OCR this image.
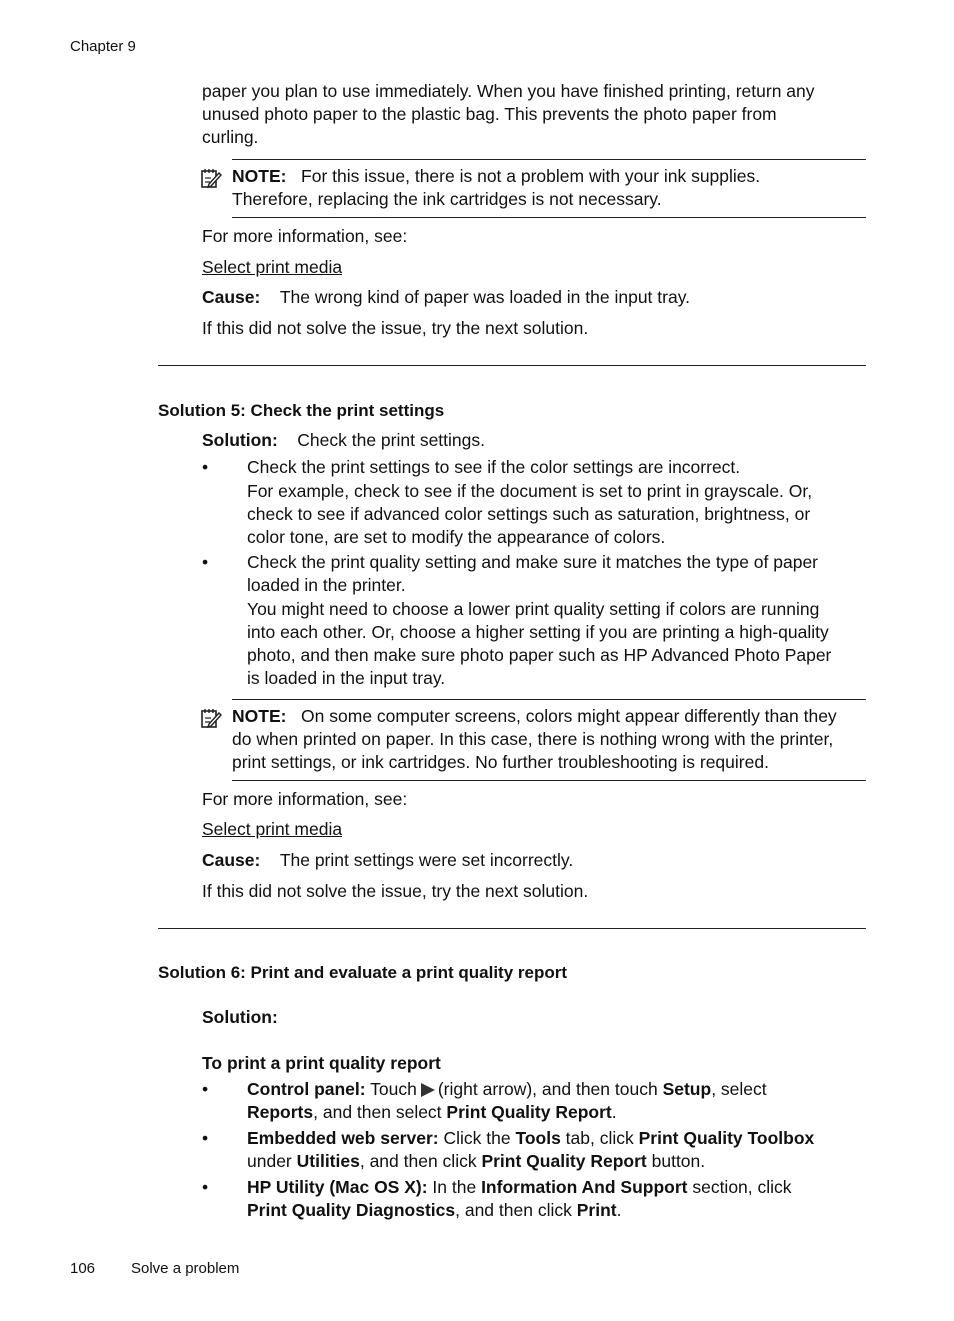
Chapter 9
paper you plan to use immediately. When you have finished printing, return any
unused photo paper to the plastic bag. This prevents the photo paper from
curling.
NOTE: For this issue, there is not a problem with your ink supplies.
Therefore, replacing the ink cartridges is not necessary.
For more information, see:
Select print media
Cause: The wrong kind of paper was loaded in the input tray.
If this did not solve the issue, try the next solution.
Solution 5: Check the print settings
Solution: Check the print settings.
• Check the print settings to see if the color settings are incorrect.
For example, check to see if the document is set to print in grayscale. Or,
check to see if advanced color settings such as saturation, brightness, or
color tone, are set to modify the appearance of colors.
• Check the print quality setting and make sure it matches the type of paper
loaded in the printer.
You might need to choose a lower print quality setting if colors are running
into each other. Or, choose a higher setting if you are printing a high-quality
photo, and then make sure photo paper such as HP Advanced Photo Paper
is loaded in the input tray.
NOTE: On some computer screens, colors might appear differently than they
do when printed on paper. In this case, there is nothing wrong with the printer,
print settings, or ink cartridges. No further troubleshooting is required.
For more information, see:
Select print media
Cause: The print settings were set incorrectly.
If this did not solve the issue, try the next solution.
Solution 6: Print and evaluate a print quality report
Solution:
To print a print quality report
• Control panel: Touch (right arrow), and then touch Setup, select
Reports, and then select Print Quality Report.
• Embedded web server: Click the Tools tab, click Print Quality Toolbox
under Utilities, and then click Print Quality Report button.
• HP Utility (Mac OS X): In the Information And Support section, click
Print Quality Diagnostics, and then click Print.
106 Solve a problem
